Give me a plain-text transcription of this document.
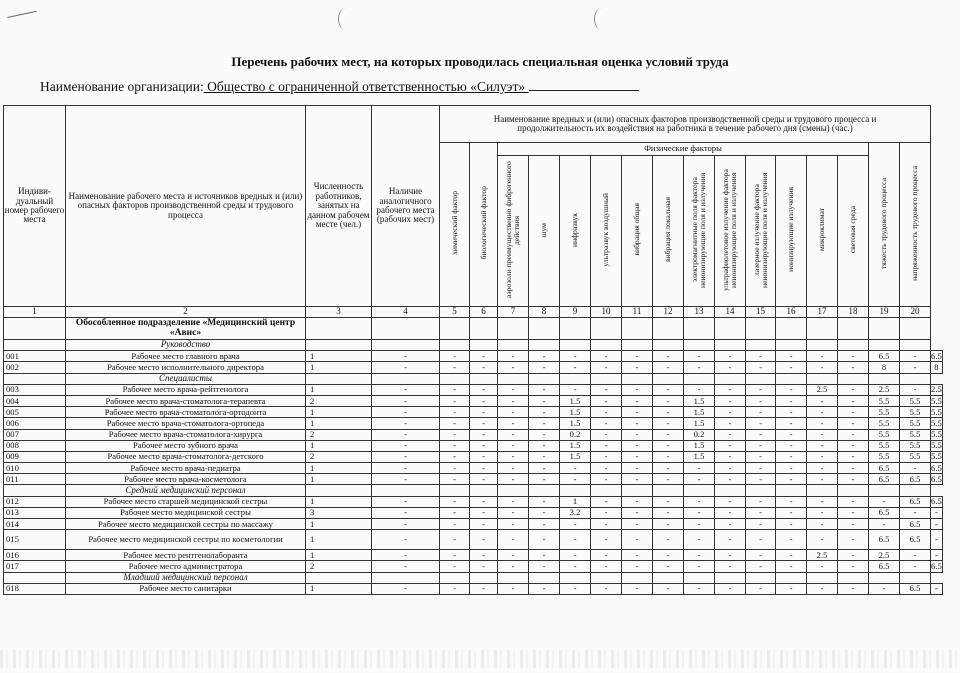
Перечень рабочих мест, на которых проводилась специальная оценка условий труда
Наименование организации: Общество с ограниченной ответственностью «Силуэт»
Индиви-дуальный номер рабочего места	Наименование рабочего места и источников вредных и (или) опасных факторов производственной среды и трудового процесса	Численность работников, занятых на данном рабочем месте (чел.)	Наличие аналогичного рабочего места (рабочих мест)	Наименование вредных и (или) опасных факторов производственной среды и трудового процесса и продолжительность их воздействия на работника в течение рабочего дня (смены) (час.)																
				химический фактор	биологический фактор	Физические факторы												тяжесть трудового процесса	напряженность трудового процесса	
						аэрозоли преимущественно фиброгенного действия	шум	инфразвук	ультразвук воздушный	вибрация общая	вибрация локальная	электромагнитные поля фактора неионизирующие поля и излучения	ультрафиолетовое излучение фактора неионизирующие поля и излучения	лазерное излучение фактора неионизирующие поля и излучения	ионизирующие излучения	микроклимат	световая среда			
1	2	3	4	5	6	7	8	9	10	11	12	13	14	15	16	17	18	19	20	
	Обособленное подразделение «Медицинский центр «Авис»																			
	Руководство																			
001	Рабочее место главного врача	1	-	-	-	-	-	-	-	-	-	-	-	-	-	-	-	6.5	-	6.5
002	Рабочее место исполнительного директора	1	-	-	-	-	-	-	-	-	-	-	-	-	-	-	-	8	-	8
	Специалисты																			
003	Рабочее место врача-рейтгенолога	1	-	-	-	-	-	-	-	-	-	-	-	-	-	2.5	-	2.5	-	2.5
004	Рабочее место врача-стоматолога-терапевта	2	-	-	-	-	-	1.5	-	-	-	1.5	-	-	-	-	-	5.5	5.5	5.5
005	Рабочее место врача-стоматолога-ортодонта	1	-	-	-	-	-	1.5	-	-	-	1.5	-	-	-	-	-	5.5	5.5	5.5
006	Рабочее место врача-стоматолога-ортопеда	1	-	-	-	-	-	1.5	-	-	-	1.5	-	-	-	-	-	5.5	5.5	5.5
007	Рабочее место врача-стоматолога-хирурга	2	-	-	-	-	-	0.2	-	-	-	0.2	-	-	-	-	-	5.5	5.5	5.5
008	Рабочее место зубного врача	1	-	-	-	-	-	1.5	-	-	-	1.5	-	-	-	-	-	5.5	5.5	5.5
009	Рабочее место врача-стоматолога-детского	2	-	-	-	-	-	1.5	-	-	-	1.5	-	-	-	-	-	5.5	5.5	5.5
010	Рабочее место врача-педиатра	1	-	-	-	-	-	-	-	-	-	-	-	-	-	-	-	6.5	-	6.5
011	Рабочее место врача-косметолога	1	-	-	-	-	-	-	-	-	-	-	-	-	-	-	-	6.5	6.5	6.5
	Средний медицинский персонал																			
012	Рабочее место старшей медицинской сестры	1	-	-	-	-	-	1	-	-	-	-	-	-	-	-	-	-	6.5	6.5
013	Рабочее место медицинской сестры	3	-	-	-	-	-	3.2	-	-	-	-	-	-	-	-	-	6.5	-	-
014	Рабочее место медицинской сестры по массажу	1	-	-	-	-	-	-	-	-	-	-	-	-	-	-	-	-	6.5	-
015	Рабочее место медицинской сестры по косметологии	1	-	-	-	-	-	-	-	-	-	-	-	-	-	-	-	6.5	6.5	-
016	Рабочее место рентгенолаборанта	1	-	-	-	-	-	-	-	-	-	-	-	-	-	2.5	-	2.5	-	-
017	Рабочее место администратора	2	-	-	-	-	-	-	-	-	-	-	-	-	-	-	-	6.5	-	6.5
	Младший медицинский персонал																			
018	Рабочее место санитарки	1	-	-	-	-	-	-	-	-	-	-	-	-	-	-	-	-	6.5	-
